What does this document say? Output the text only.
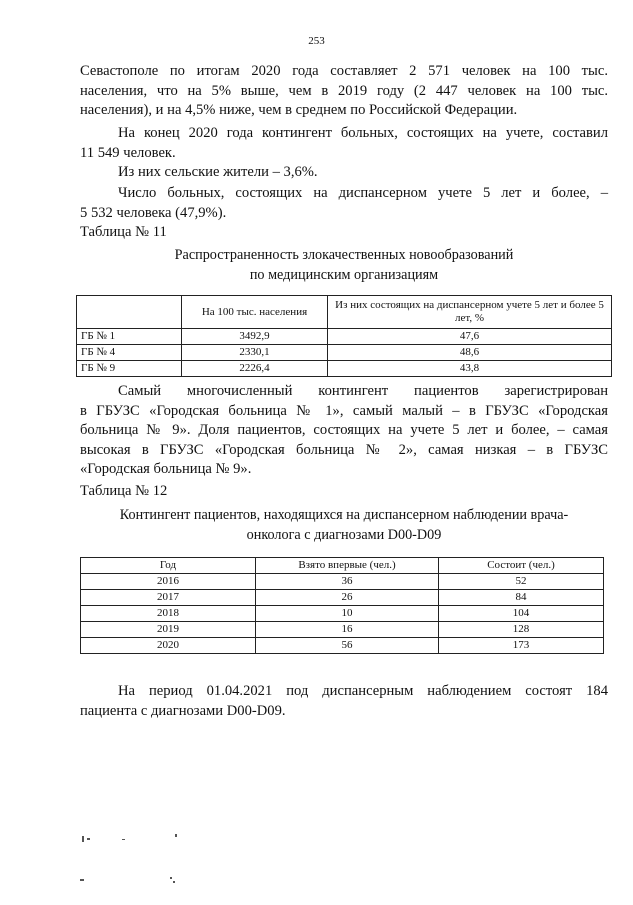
253
Севастополе по итогам 2020 года составляет 2 571 человек на 100 тыс.
населения, что на 5% выше, чем в 2019 году (2 447 человек на 100 тыс.
населения), и на 4,5% ниже, чем в среднем по Российской Федерации.
На конец 2020 года контингент больных, состоящих на учете, составил
11 549 человек.
Из них сельские жители – 3,6%.
Число больных, состоящих на диспансерном учете 5 лет и более, –
5 532 человека (47,9%).
Таблица № 11
Распространенность злокачественных новообразований
по медицинским организациям
	На 100 тыс. населения	Из них состоящих на диспансерном учете 5 лет и более 5 лет, %
ГБ № 1	3492,9	47,6
ГБ № 4	2330,1	48,6
ГБ № 9	2226,4	43,8
Самый многочисленный контингент пациентов зарегистрирован
в ГБУЗС «Городская больница № 1», самый малый – в ГБУЗС «Городская
больница № 9». Доля пациентов, состоящих на учете 5 лет и более, – самая
высокая в ГБУЗС «Городская больница № 2», самая низкая – в ГБУЗС
«Городская больница № 9».
Таблица № 12
Контингент пациентов, находящихся на диспансерном наблюдении врача-
онколога с диагнозами D00-D09
Год	Взято впервые (чел.)	Состоит (чел.)
2016	36	52
2017	26	84
2018	10	104
2019	16	128
2020	56	173
На период 01.04.2021 под диспансерным наблюдением состоят 184
пациента с диагнозами D00-D09.
